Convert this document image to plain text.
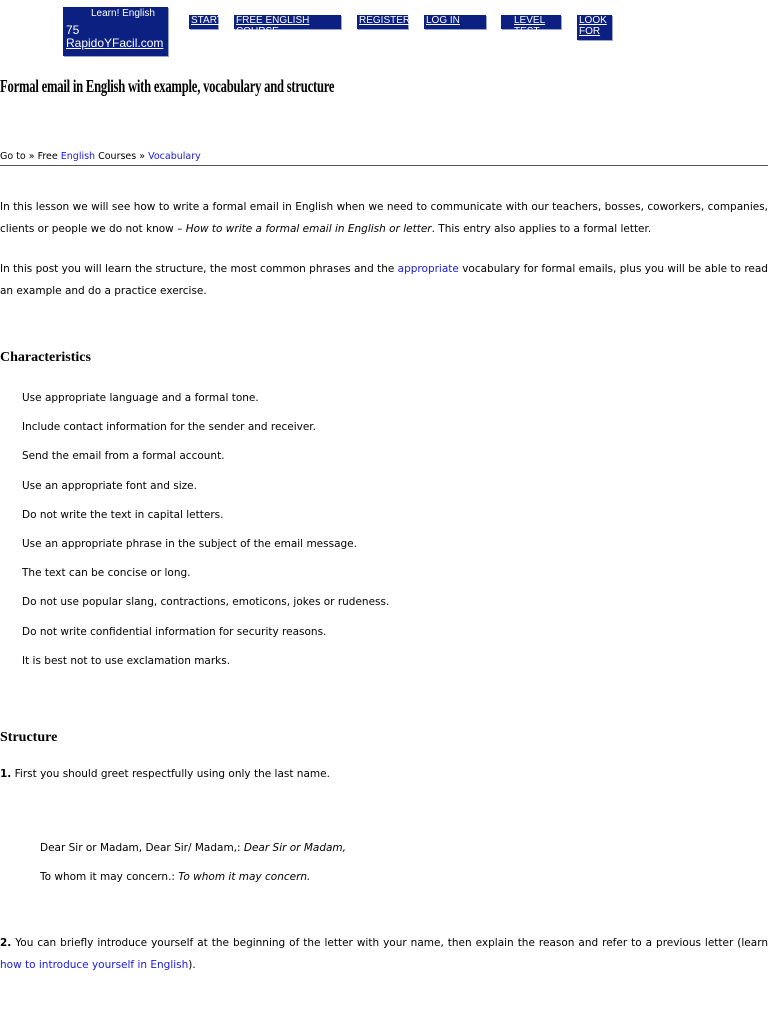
Learn! English
75
RapidoYFacil.com
START FREE ENGLISH COURSE
REGISTER LOG IN	LEVEL TEST
LOOK
FOR
Formal email in English with example, vocabulary and structure
Go to » Free English Courses » Vocabulary

In this lesson we will see how to write a formal email in English when we need to communicate with our teachers, bosses, coworkers, companies, clients or people we do not know – How to write a formal email in English or letter. This entry also applies to a formal letter.

In this post you will learn the structure, the most common phrases and the appropriate vocabulary for formal emails, plus you will be able to read an example and do a practice exercise.

Characteristics
Use appropriate language and a formal tone.
Include contact information for the sender and receiver.
Send the email from a formal account.
Use an appropriate font and size.
Do not write the text in capital letters.
Use an appropriate phrase in the subject of the email message.
The text can be concise or long.
Do not use popular slang, contractions, emoticons, jokes or rudeness.
Do not write confidential information for security reasons.
It is best not to use exclamation marks.
Structure

1. First you should greet respectfully using only the last name.

Dear Sir or Madam, Dear Sir/ Madam,: Dear Sir or Madam,
To whom it may concern.: To whom it may concern.

2. You can briefly introduce yourself at the beginning of the letter with your name, then explain the reason and refer to a previous letter (learn how to introduce yourself in English).
